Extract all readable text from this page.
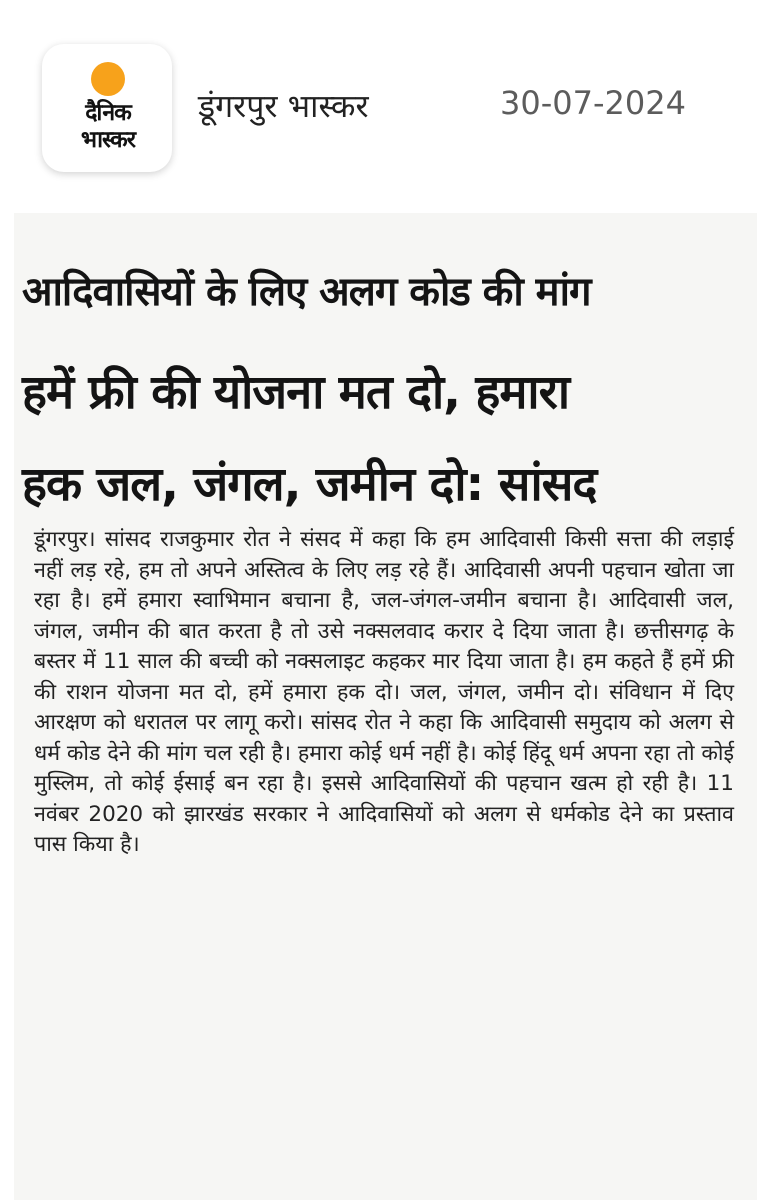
दैनिक
भास्कर
डूंगरपुर भास्कर	30-07-2024
आदिवासियों के लिए अलग कोड की मांग
हमें फ्री की योजना मत दो, हमारा
हक जल, जंगल, जमीन दो: सांसद

डूंगरपुर। सांसद राजकुमार रोत ने संसद में कहा कि हम आदिवासी किसी सत्ता की लड़ाई नहीं लड़ रहे, हम तो अपने अस्तित्व के लिए लड़ रहे हैं। आदिवासी अपनी पहचान खोता जा रहा है। हमें हमारा स्वाभिमान बचाना है, जल-जंगल-जमीन बचाना है। आदिवासी जल, जंगल, जमीन की बात करता है तो उसे नक्सलवाद करार दे दिया जाता है। छत्तीसगढ़ के बस्तर में 11 साल की बच्ची को नक्सलाइट कहकर मार दिया जाता है। हम कहते हैं हमें फ्री की राशन योजना मत दो, हमें हमारा हक दो। जल, जंगल, जमीन दो। संविधान में दिए आरक्षण को धरातल पर लागू करो। सांसद रोत ने कहा कि आदिवासी समुदाय को अलग से धर्म कोड देने की मांग चल रही है। हमारा कोई धर्म नहीं है। कोई हिंदू धर्म अपना रहा तो कोई मुस्लिम, तो कोई ईसाई बन रहा है। इससे आदिवासियों की पहचान खत्म हो रही है। 11 नवंबर 2020 को झारखंड सरकार ने आदिवासियों को अलग से धर्मकोड देने का प्रस्ताव पास किया है।
